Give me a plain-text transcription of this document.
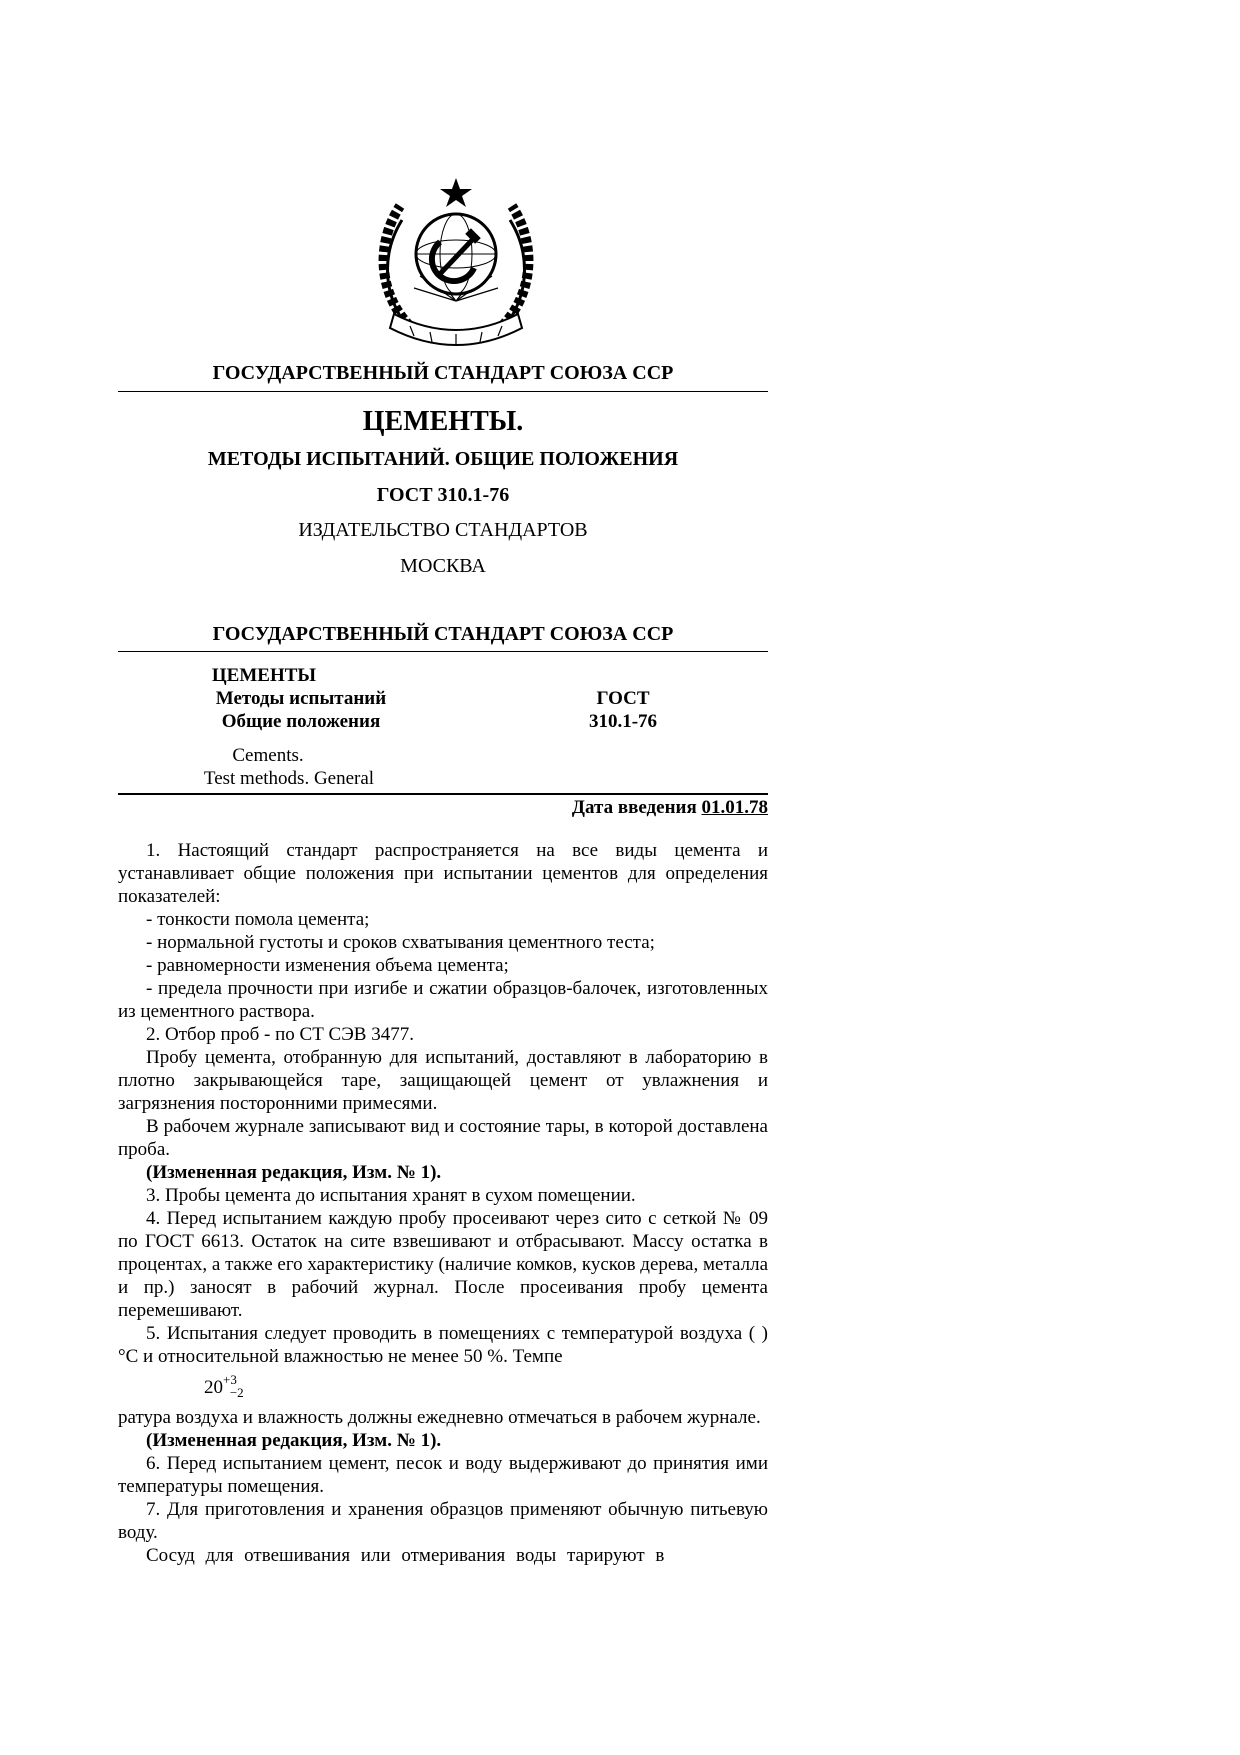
ГОСУДАРСТВЕННЫЙ СТАНДАРТ СОЮЗА ССР
ЦЕМЕНТЫ.
МЕТОДЫ ИСПЫТАНИЙ. ОБЩИЕ ПОЛОЖЕНИЯ
ГОСТ 310.1-76
ИЗДАТЕЛЬСТВО СТАНДАРТОВ
МОСКВА
ГОСУДАРСТВЕННЫЙ СТАНДАРТ СОЮЗА ССР
ЦЕМЕНТЫ
Методы испытаний
Общие положения
ГОСТ
310.1-76
Cements.
Test methods. General
Дата введения 01.01.78

1. Настоящий стандарт распространяется на все виды цемента и устанавливает общие положения при испытании цементов для определения показателей:

- тонкости помола цемента;

- нормальной густоты и сроков схватывания цементного теста;

- равномерности изменения объема цемента;

- предела прочности при изгибе и сжатии образцов-балочек, изготовленных из цементного раствора.

2. Отбор проб - по СТ СЭВ 3477.

Пробу цемента, отобранную для испытаний, доставляют в лабораторию в плотно закрывающейся таре, защищающей цемент от увлажнения и загрязнения посторонними примесями.

В рабочем журнале записывают вид и состояние тары, в которой доставлена проба.

(Измененная редакция, Изм. № 1).

3. Пробы цемента до испытания хранят в сухом помещении.

4. Перед испытанием каждую пробу просеивают через сито с сеткой № 09 по ГОСТ 6613. Остаток на сите взвешивают и отбрасывают. Массу остатка в процентах, а также его характеристику (наличие комков, кусков дерева, металла и пр.) заносят в рабочий журнал. После просеивания пробу цемента перемешивают.

5. Испытания следует проводить в помещениях с температурой воздуха ( )°С и относительной влажностью не менее 50 %. Темпе

$20^{+3}_{-2}$

ратура воздуха и влажность должны ежедневно отмечаться в рабочем журнале.

(Измененная редакция, Изм. № 1).

6. Перед испытанием цемент, песок и воду выдерживают до принятия ими температуры помещения.

7. Для приготовления и хранения образцов применяют обычную питьевую воду.

Сосуд для отвешивания или отмеривания воды тарируют в
